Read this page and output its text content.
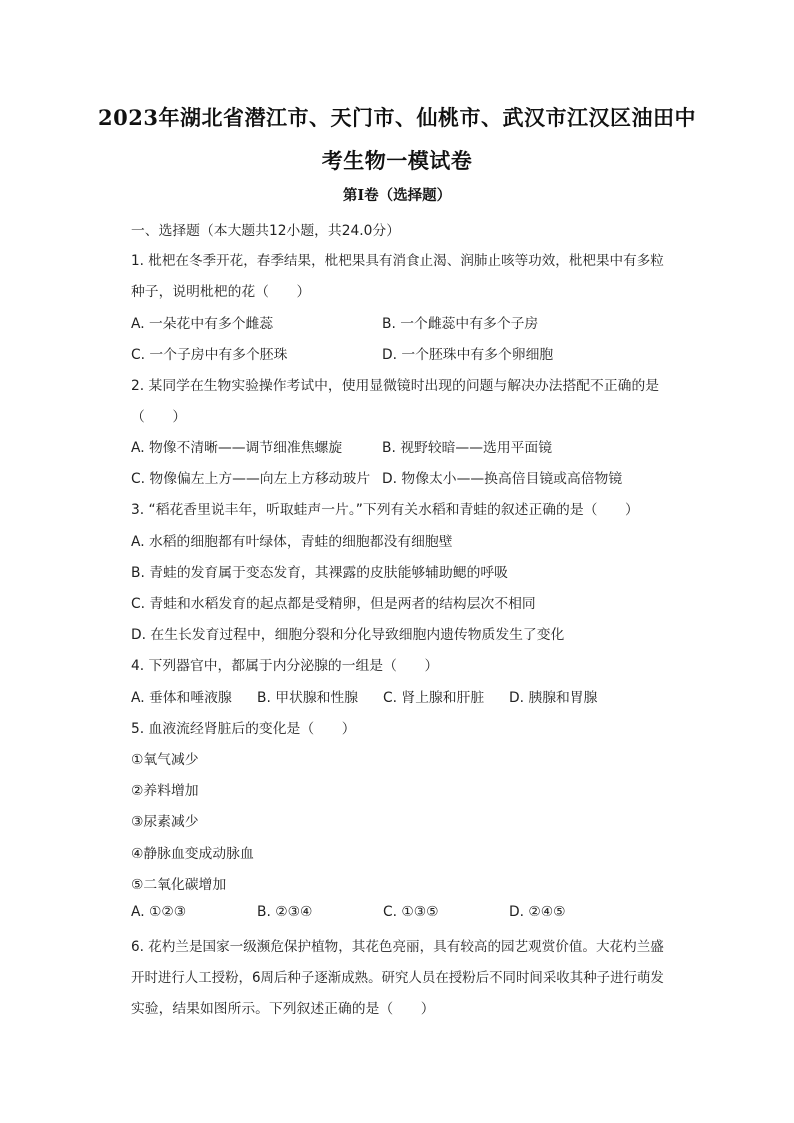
2023年湖北省潜江市、天门市、仙桃市、武汉市江汉区油田中
考生物一模试卷
第I卷（选择题）
一、选择题（本大题共12小题，共24.0分）
1. 枇杷在冬季开花，春季结果，枇杷果具有消食止渴、润肺止咳等功效，枇杷果中有多粒
种子，说明枇杷的花（　　）
A. 一朵花中有多个雌蕊	B. 一个雌蕊中有多个子房
C. 一个子房中有多个胚珠	D. 一个胚珠中有多个卵细胞
2. 某同学在生物实验操作考试中，使用显微镜时出现的问题与解决办法搭配不正确的是
（　　）
A. 物像不清晰——调节细准焦螺旋	B. 视野较暗——选用平面镜
C. 物像偏左上方——向左上方移动玻片 D. 物像太小——换高倍目镜或高倍物镜
3. “稻花香里说丰年，听取蛙声一片。”下列有关水稻和青蛙的叙述正确的是（　　）
A. 水稻的细胞都有叶绿体，青蛙的细胞都没有细胞壁
B. 青蛙的发育属于变态发育，其裸露的皮肤能够辅助鳃的呼吸
C. 青蛙和水稻发育的起点都是受精卵，但是两者的结构层次不相同
D. 在生长发育过程中，细胞分裂和分化导致细胞内遗传物质发生了变化
4. 下列器官中，都属于内分泌腺的一组是（　　）
A. 垂体和唾液腺 B. 甲状腺和性腺 C. 肾上腺和肝脏 D. 胰腺和胃腺
5. 血液流经肾脏后的变化是（　　）
①氧气减少
②养料增加
③尿素减少
④静脉血变成动脉血
⑤二氧化碳增加
A. ①②③	B. ②③④	C. ①③⑤	D. ②④⑤
6. 花杓兰是国家一级濒危保护植物，其花色亮丽，具有较高的园艺观赏价值。大花杓兰盛
开时进行人工授粉，6周后种子逐渐成熟。研究人员在授粉后不同时间采收其种子进行萌发
实验，结果如图所示。下列叙述正确的是（　　）
